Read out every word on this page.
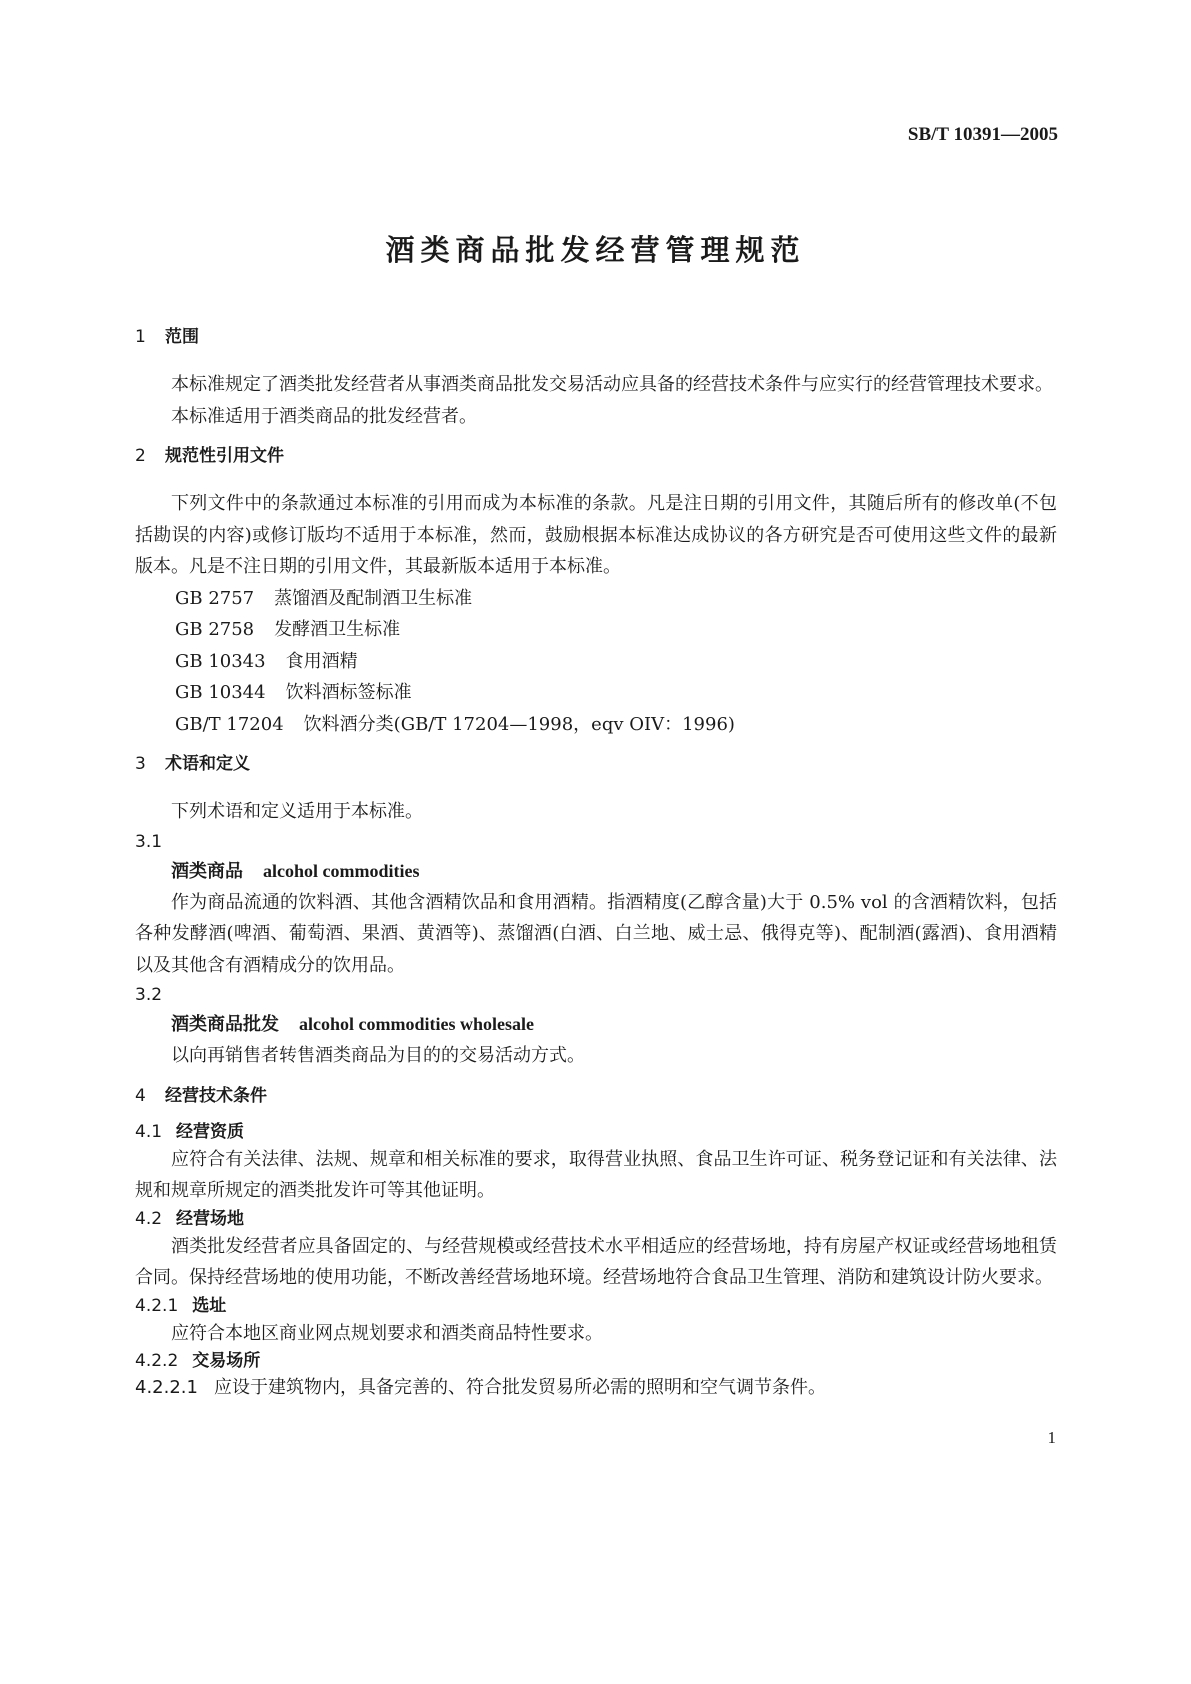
SB/T 10391—2005
酒类商品批发经营管理规范

1 范围

本标准规定了酒类批发经营者从事酒类商品批发交易活动应具备的经营技术条件与应实行的经营管理技术要求。

本标准适用于酒类商品的批发经营者。

2 规范性引用文件

下列文件中的条款通过本标准的引用而成为本标准的条款。凡是注日期的引用文件，其随后所有的修改单(不包括勘误的内容)或修订版均不适用于本标准，然而，鼓励根据本标准达成协议的各方研究是否可使用这些文件的最新版本。凡是不注日期的引用文件，其最新版本适用于本标准。

GB 2757 蒸馏酒及配制酒卫生标准

GB 2758 发酵酒卫生标准

GB 10343 食用酒精

GB 10344 饮料酒标签标准

GB/T 17204 饮料酒分类(GB/T 17204—1998，eqv OIV：1996)

3 术语和定义

下列术语和定义适用于本标准。

3.1

酒类商品 alcohol commodities

作为商品流通的饮料酒、其他含酒精饮品和食用酒精。指酒精度(乙醇含量)大于 0.5% vol 的含酒精饮料，包括各种发酵酒(啤酒、葡萄酒、果酒、黄酒等)、蒸馏酒(白酒、白兰地、威士忌、俄得克等)、配制酒(露酒)、食用酒精以及其他含有酒精成分的饮用品。

3.2

酒类商品批发 alcohol commodities wholesale

以向再销售者转售酒类商品为目的的交易活动方式。

4 经营技术条件

4.1 经营资质

应符合有关法律、法规、规章和相关标准的要求，取得营业执照、食品卫生许可证、税务登记证和有关法律、法规和规章所规定的酒类批发许可等其他证明。

4.2 经营场地

酒类批发经营者应具备固定的、与经营规模或经营技术水平相适应的经营场地，持有房屋产权证或经营场地租赁合同。保持经营场地的使用功能，不断改善经营场地环境。经营场地符合食品卫生管理、消防和建筑设计防火要求。

4.2.1 选址

应符合本地区商业网点规划要求和酒类商品特性要求。

4.2.2 交易场所

4.2.2.1 应设于建筑物内，具备完善的、符合批发贸易所必需的照明和空气调节条件。

1
